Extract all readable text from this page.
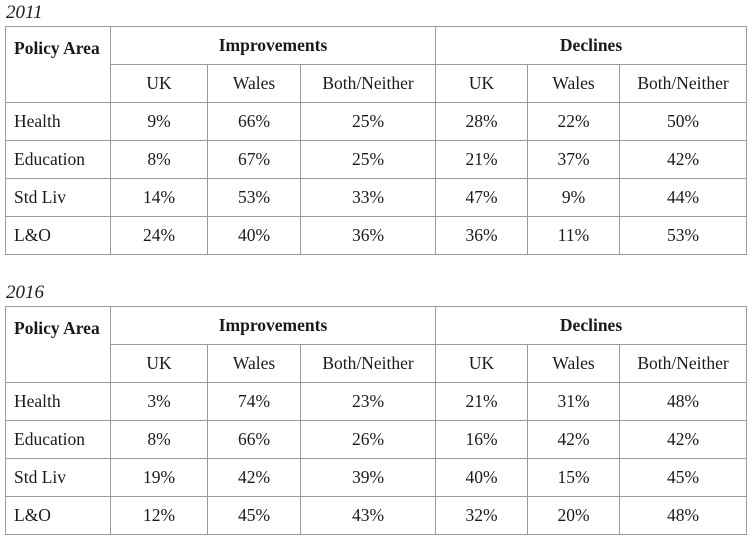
2011
Policy Area	Improvements			Declines		
	UK	Wales	Both/Neither	UK	Wales	Both/Neither
Health	9%	66%	25%	28%	22%	50%
Education	8%	67%	25%	21%	37%	42%
Std Liv	14%	53%	33%	47%	9%	44%
L&O	24%	40%	36%	36%	11%	53%
2016
Policy Area	Improvements			Declines		
	UK	Wales	Both/Neither	UK	Wales	Both/Neither
Health	3%	74%	23%	21%	31%	48%
Education	8%	66%	26%	16%	42%	42%
Std Liv	19%	42%	39%	40%	15%	45%
L&O	12%	45%	43%	32%	20%	48%
